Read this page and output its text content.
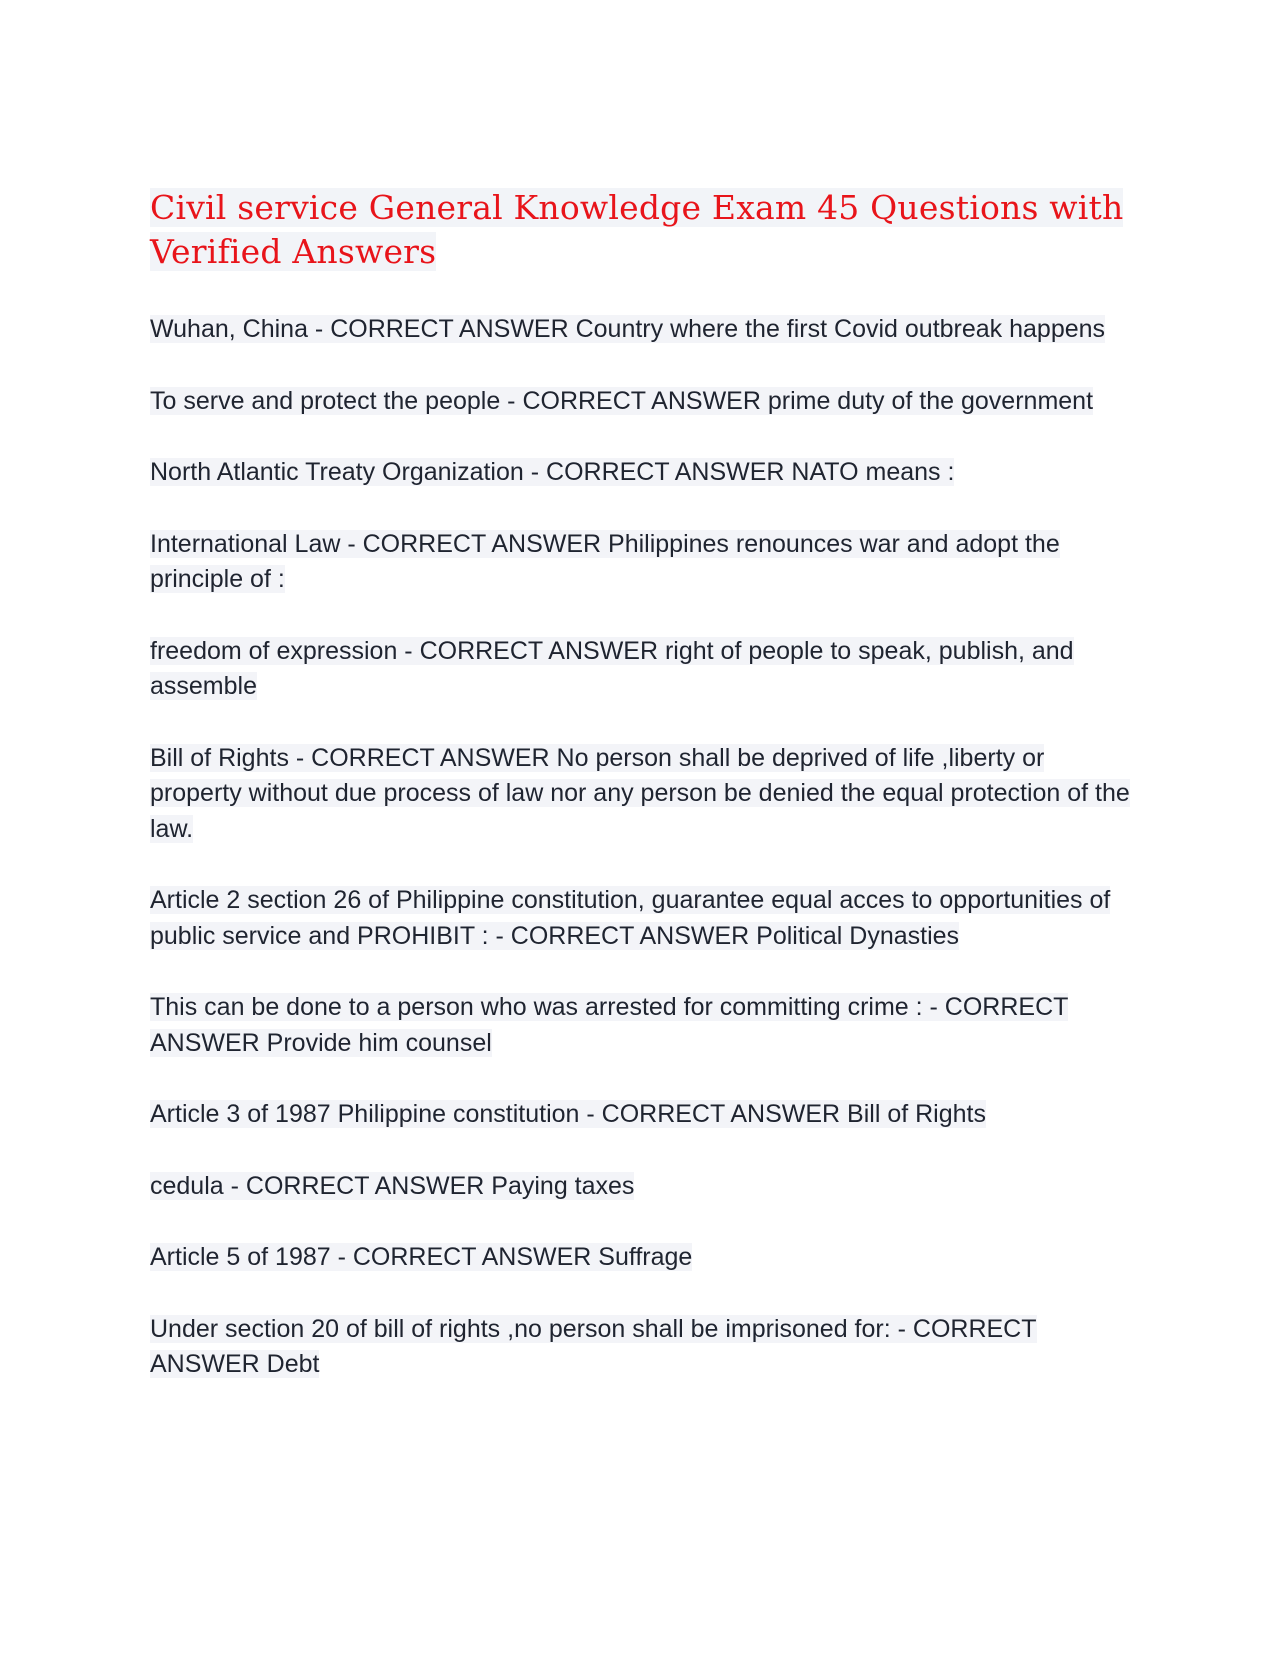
Civil service General Knowledge Exam 45 Questions with Verified Answers
Wuhan, China - CORRECT ANSWER Country where the first Covid outbreak happens
To serve and protect the people - CORRECT ANSWER prime duty of the government
North Atlantic Treaty Organization - CORRECT ANSWER NATO means :
International Law - CORRECT ANSWER Philippines renounces war and adopt the principle of :
freedom of expression - CORRECT ANSWER right of people to speak, publish, and assemble
Bill of Rights - CORRECT ANSWER No person shall be deprived of life ,liberty or property without due process of law nor any person be denied the equal protection of the law.
Article 2 section 26 of Philippine constitution, guarantee equal acces to opportunities of public service and PROHIBIT : - CORRECT ANSWER Political Dynasties
This can be done to a person who was arrested for committing crime : - CORRECT ANSWER Provide him counsel
Article 3 of 1987 Philippine constitution - CORRECT ANSWER Bill of Rights
cedula - CORRECT ANSWER Paying taxes
Article 5 of 1987 - CORRECT ANSWER Suffrage
Under section 20 of bill of rights ,no person shall be imprisoned for: - CORRECT ANSWER Debt
